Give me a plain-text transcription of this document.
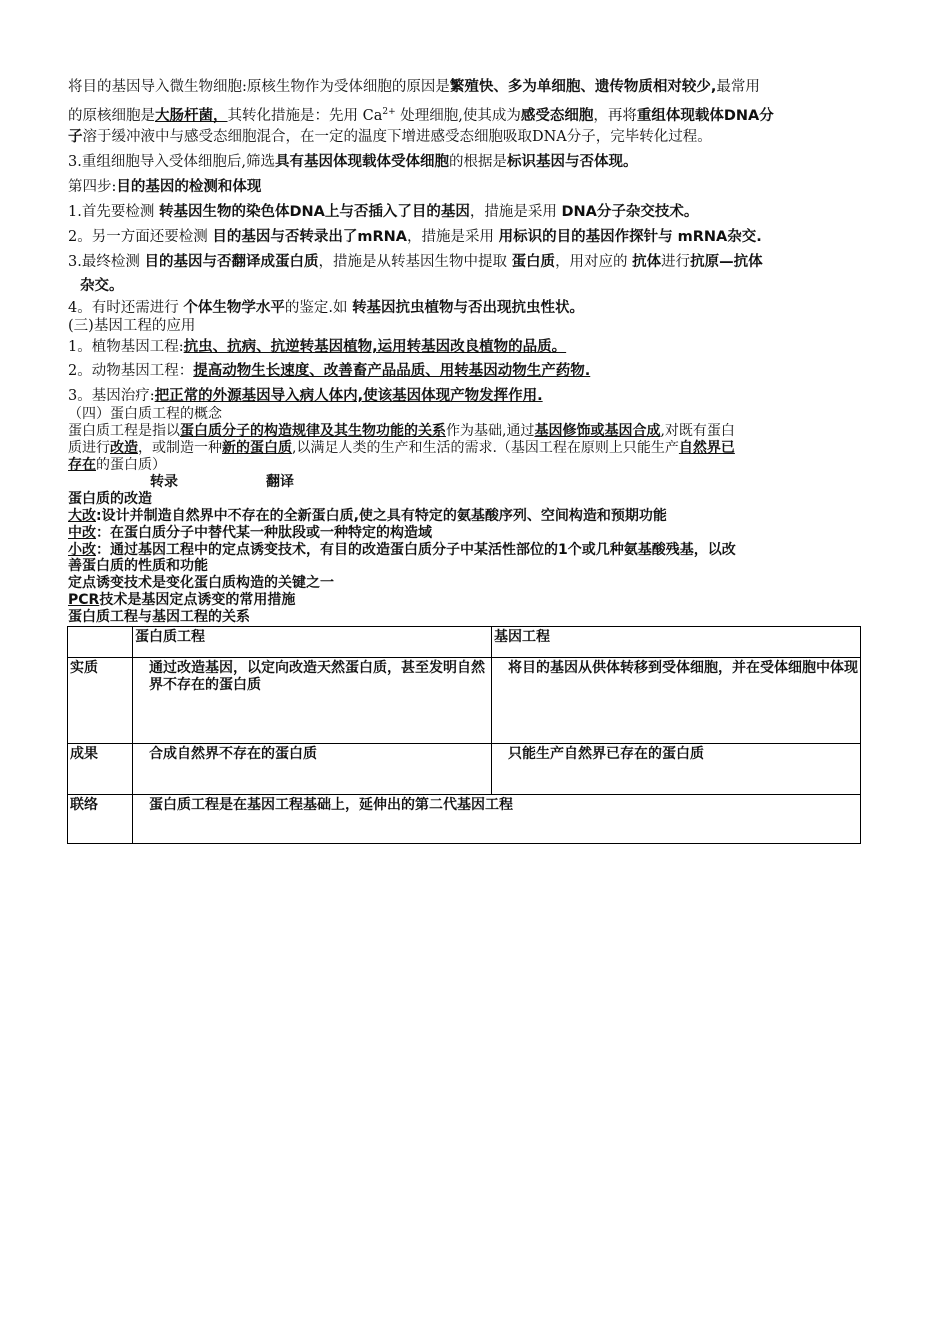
将目的基因导入微生物细胞:原核生物作为受体细胞的原因是繁殖快、多为单细胞、遗传物质相对较少,最常用
的原核细胞是大肠杆菌，其转化措施是：先用 $Ca^{2+}$ 处理细胞,使其成为感受态细胞，再将重组体现载体DNA分
子溶于缓冲液中与感受态细胞混合，在一定的温度下增进感受态细胞吸取DNA分子，完毕转化过程。
3.重组细胞导入受体细胞后,筛选具有基因体现载体受体细胞的根据是标识基因与否体现。
第四步:目的基因的检测和体现
1.首先要检测 转基因生物的染色体DNA上与否插入了目的基因，措施是采用 DNA分子杂交技术。
2。另一方面还要检测 目的基因与否转录出了mRNA，措施是采用 用标识的目的基因作探针与 mRNA杂交.
3.最终检测 目的基因与否翻译成蛋白质，措施是从转基因生物中提取 蛋白质，用对应的 抗体进行抗原—抗体
杂交。
4。有时还需进行 个体生物学水平的鉴定.如 转基因抗虫植物与否出现抗虫性状。
(三)基因工程的应用
1。植物基因工程:抗虫、抗病、抗逆转基因植物,运用转基因改良植物的品质。
2。动物基因工程：提高动物生长速度、改善畜产品品质、用转基因动物生产药物.
3。基因治疗:把正常的外源基因导入病人体内,使该基因体现产物发挥作用.
（四）蛋白质工程的概念
蛋白质工程是指以蛋白质分子的构造规律及其生物功能的关系作为基础,通过基因修饰或基因合成,对既有蛋白
质进行改造，或制造一种新的蛋白质,以满足人类的生产和生活的需求.（基因工程在原则上只能生产自然界已
存在的蛋白质）
转录	翻译
蛋白质的改造
大改:设计并制造自然界中不存在的全新蛋白质,使之具有特定的氨基酸序列、空间构造和预期功能
中改：在蛋白质分子中替代某一种肽段或一种特定的构造域
小改：通过基因工程中的定点诱变技术，有目的改造蛋白质分子中某活性部位的1个或几种氨基酸残基，以改
善蛋白质的性质和功能
定点诱变技术是变化蛋白质构造的关键之一
PCR技术是基因定点诱变的常用措施
蛋白质工程与基因工程的关系
	蛋白质工程	基因工程
实质	通过改造基因，以定向改造天然蛋白质，甚至发明自然界不存在的蛋白质	将目的基因从供体转移到受体细胞，并在受体细胞中体现
成果	合成自然界不存在的蛋白质	只能生产自然界已存在的蛋白质
联络	蛋白质工程是在基因工程基础上，延伸出的第二代基因工程	
